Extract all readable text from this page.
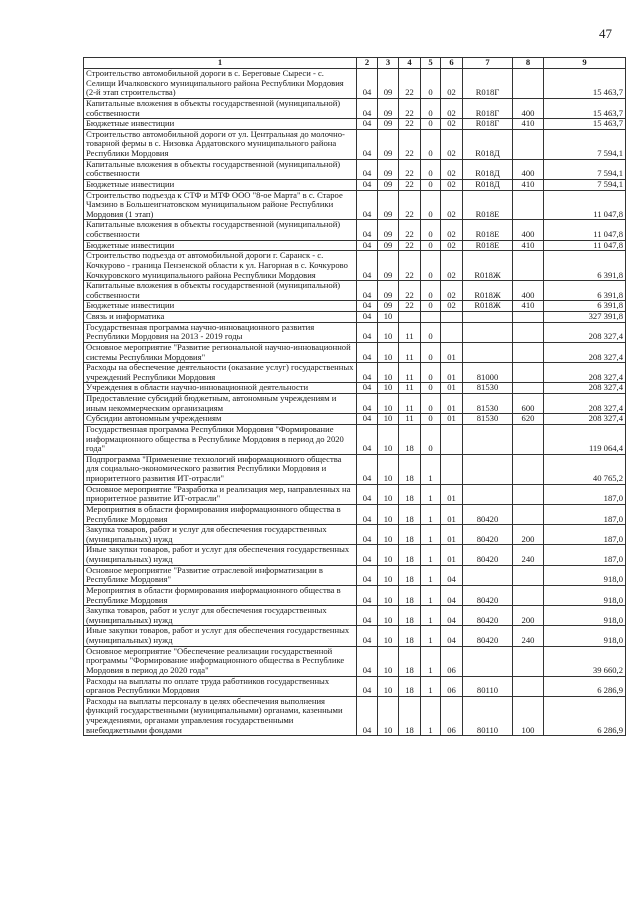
47
1	2	3	4	5	6	7	8	9
Строительство автомобильной дороги в с. Береговые Сыреси - с. Селищи Ичалковского муниципального района Республики Мордовия (2-й этап строительства)	04	09	22	0	02	R018Г		15 463,7
Капитальные вложения в объекты государственной (муниципальной) собственности	04	09	22	0	02	R018Г	400	15 463,7
Бюджетные инвестиции	04	09	22	0	02	R018Г	410	15 463,7
Строительство автомобильной дороги от ул. Центральная до молочно-товарной фермы в с. Низовка Ардатовского муниципального района Республики Мордовия	04	09	22	0	02	R018Д		7 594,1
Капитальные вложения в объекты государственной (муниципальной) собственности	04	09	22	0	02	R018Д	400	7 594,1
Бюджетные инвестиции	04	09	22	0	02	R018Д	410	7 594,1
Строительство подъезда к СТФ и МТФ ООО "8-ое Марта" в с. Старое Чамзино в Большеигнатовском муниципальном районе Республики Мордовия (1 этап)	04	09	22	0	02	R018Е		11 047,8
Капитальные вложения в объекты государственной (муниципальной) собственности	04	09	22	0	02	R018Е	400	11 047,8
Бюджетные инвестиции	04	09	22	0	02	R018Е	410	11 047,8
Строительство подъезда от автомобильной дороги г. Саранск - с. Кочкурово - граница Пензенской области к ул. Нагорная в с. Кочкурово Кочкуровского муниципального района Республики Мордовия	04	09	22	0	02	R018Ж		6 391,8
Капитальные вложения в объекты государственной (муниципальной) собственности	04	09	22	0	02	R018Ж	400	6 391,8
Бюджетные инвестиции	04	09	22	0	02	R018Ж	410	6 391,8
Связь и информатика	04	10						327 391,8
Государственная программа научно-инновационного развития Республики Мордовия на 2013 - 2019 годы	04	10	11	0				208 327,4
Основное мероприятие "Развитие региональной научно-инновационной системы Республики Мордовия"	04	10	11	0	01			208 327,4
Расходы на обеспечение деятельности (оказание услуг) государственных учреждений Республики Мордовия	04	10	11	0	01	81000		208 327,4
Учреждения в области научно-инновационной деятельности	04	10	11	0	01	81530		208 327,4
Предоставление субсидий бюджетным, автономным учреждениям и иным некоммерческим организациям	04	10	11	0	01	81530	600	208 327,4
Субсидии автономным учреждениям	04	10	11	0	01	81530	620	208 327,4
Государственная программа Республики Мордовия "Формирование информационного общества в Республике Мордовия в период до 2020 года"	04	10	18	0				119 064,4
Подпрограмма "Применение технологий информационного общества для социально-экономического развития Республики Мордовия и приоритетного развития ИТ-отрасли"	04	10	18	1				40 765,2
Основное мероприятие "Разработка и реализация мер, направленных на приоритетное развитие ИТ-отрасли"	04	10	18	1	01			187,0
Мероприятия в области формирования информационного общества в Республике Мордовия	04	10	18	1	01	80420		187,0
Закупка товаров, работ и услуг для обеспечения государственных (муниципальных) нужд	04	10	18	1	01	80420	200	187,0
Иные закупки товаров, работ и услуг для обеспечения государственных (муниципальных) нужд	04	10	18	1	01	80420	240	187,0
Основное мероприятие "Развитие отраслевой информатизации в Республике Мордовия"	04	10	18	1	04			918,0
Мероприятия в области формирования информационного общества в Республике Мордовия	04	10	18	1	04	80420		918,0
Закупка товаров, работ и услуг для обеспечения государственных (муниципальных) нужд	04	10	18	1	04	80420	200	918,0
Иные закупки товаров, работ и услуг для обеспечения государственных (муниципальных) нужд	04	10	18	1	04	80420	240	918,0
Основное мероприятие "Обеспечение реализации государственной программы "Формирование информационного общества в Республике Мордовия в период до 2020 года"	04	10	18	1	06			39 660,2
Расходы на выплаты по оплате труда работников государственных органов Республики Мордовия	04	10	18	1	06	80110		6 286,9
Расходы на выплаты персоналу в целях обеспечения выполнения функций государственными (муниципальными) органами, казенными учреждениями, органами управления государственными внебюджетными фондами	04	10	18	1	06	80110	100	6 286,9
